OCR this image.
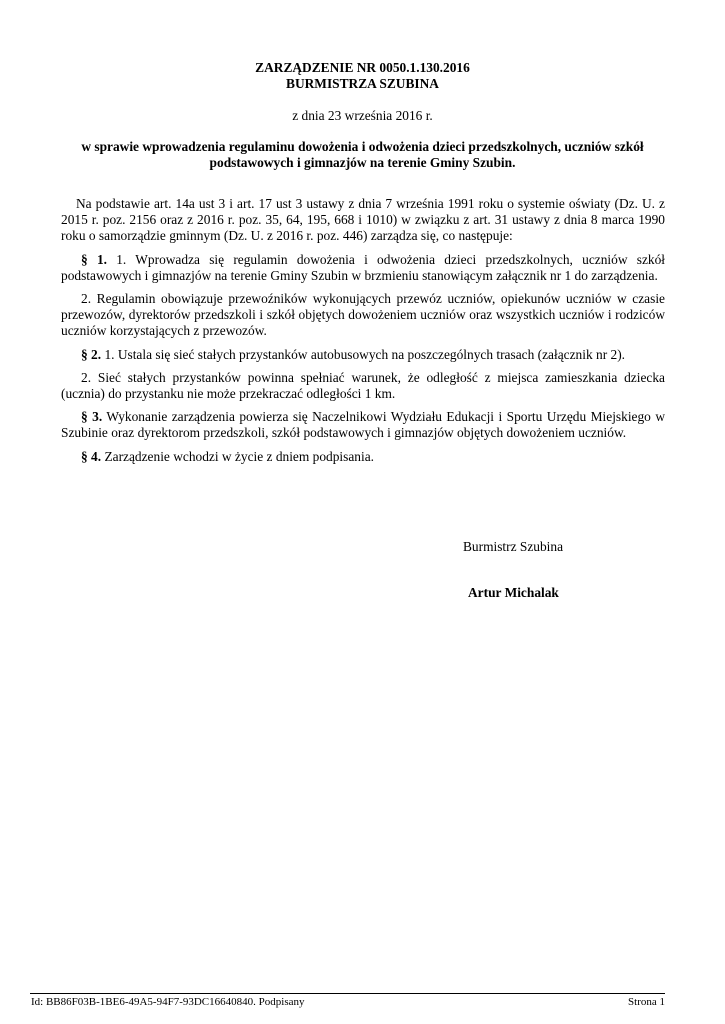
ZARZĄDZENIE NR 0050.1.130.2016
BURMISTRZA SZUBINA
z dnia 23 września 2016 r.
w sprawie wprowadzenia regulaminu dowożenia i odwożenia dzieci przedszkolnych, uczniów szkół
podstawowych i gimnazjów na terenie Gminy Szubin.

Na podstawie art. 14a ust 3 i art. 17 ust 3 ustawy z dnia 7 września 1991 roku o systemie oświaty (Dz. U. z 2015 r. poz. 2156 oraz z 2016 r. poz. 35, 64, 195, 668 i 1010) w związku z art. 31 ustawy z dnia 8 marca 1990 roku o samorządzie gminnym (Dz. U. z 2016 r. poz. 446) zarządza się, co następuje:

§ 1. 1. Wprowadza się regulamin dowożenia i odwożenia dzieci przedszkolnych, uczniów szkół podstawowych i gimnazjów na terenie Gminy Szubin w brzmieniu stanowiącym załącznik nr 1 do zarządzenia.

2. Regulamin obowiązuje przewoźników wykonujących przewóz uczniów, opiekunów uczniów w czasie przewozów, dyrektorów przedszkoli i szkół objętych dowożeniem uczniów oraz wszystkich uczniów i rodziców uczniów korzystających z przewozów.

§ 2. 1. Ustala się sieć stałych przystanków autobusowych na poszczególnych trasach (załącznik nr 2).

2. Sieć stałych przystanków powinna spełniać warunek, że odległość z miejsca zamieszkania dziecka (ucznia) do przystanku nie może przekraczać odległości 1 km.

§ 3. Wykonanie zarządzenia powierza się Naczelnikowi Wydziału Edukacji i Sportu Urzędu Miejskiego w Szubinie oraz dyrektorom przedszkoli, szkół podstawowych i gimnazjów objętych dowożeniem uczniów.

§ 4. Zarządzenie wchodzi w życie z dniem podpisania.

Burmistrz Szubina
Artur Michalak
Id: BB86F03B-1BE6-49A5-94F7-93DC16640840. Podpisany	Strona 1
